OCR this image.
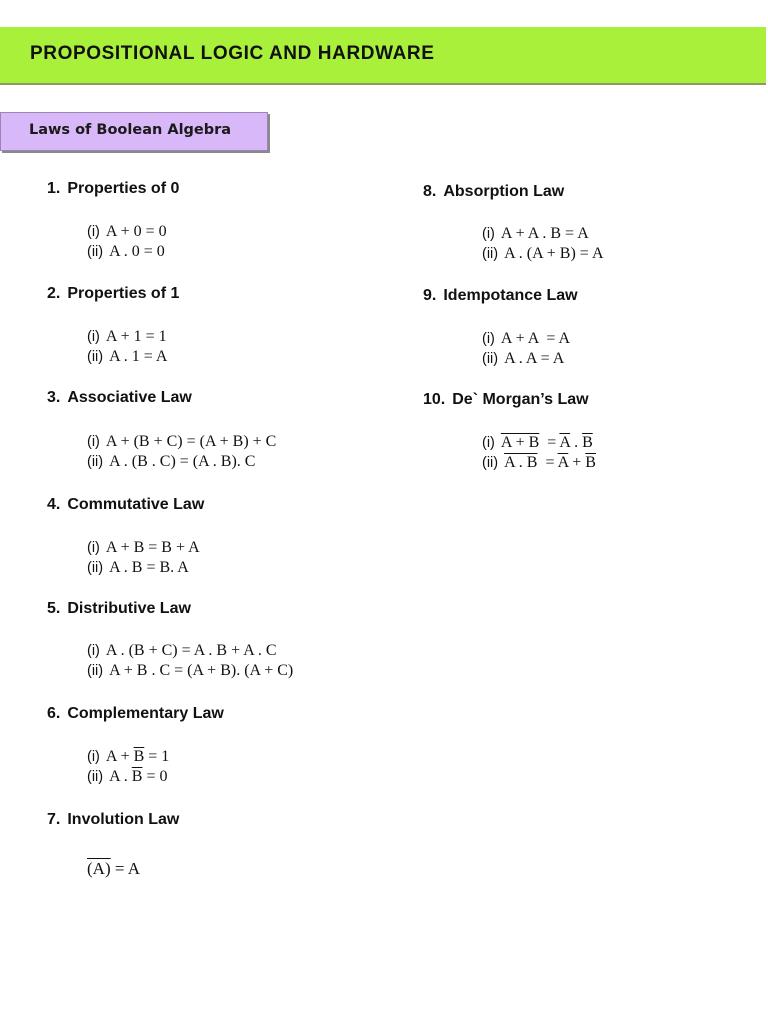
PROPOSITIONAL LOGIC AND HARDWARE
Laws of Boolean Algebra
1. Properties of 0
(i) A + 0 = 0
(ii) A . 0 = 0
2. Properties of 1
(i) A + 1 = 1
(ii) A . 1 = A
3. Associative Law
(i) A + (B + C) = (A + B) + C
(ii) A . (B . C) = (A . B). C
4. Commutative Law
(i) A + B = B + A
(ii) A . B = B. A
5. Distributive Law
(i) A . (B + C) = A . B + A . C
(ii) A + B . C = (A + B). (A + C)
6. Complementary Law
(i) $A + \overline{B} = 1$
(ii) A . $\overline{B} = 0$
7. Involution Law
(A) = A
8. Absorption Law
(i) A + A . B = A
(ii) A . (A + B) = A
9. Idempotance Law
(i) A + A  = A
(ii) A . A = A
10. De` Morgan’s Law
(i) $A + B = \overline{A}$ . $\overline{B}$
(ii) A . $B = \overline{A} + \overline{B}$
